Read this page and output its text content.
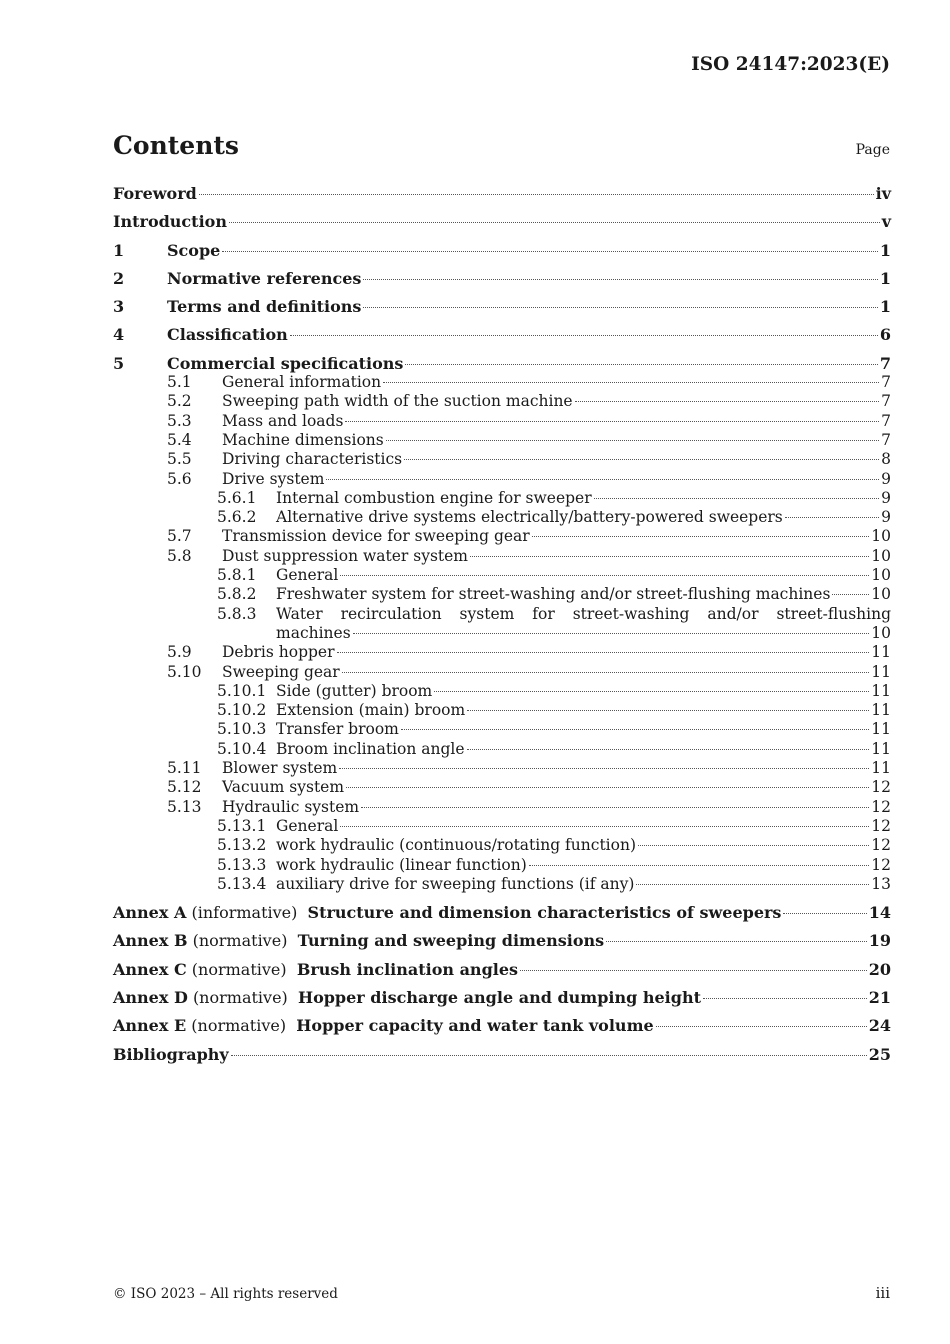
ISO 24147:2023(E)
Contents	Page
Foreword	iv
Introduction	v
1	Scope	1
2	Normative references	1
3	Terms and definitions	1
4	Classification	6
5	Commercial specifications	7
5.1	General information	7
5.2	Sweeping path width of the suction machine	7
5.3	Mass and loads	7
5.4	Machine dimensions	7
5.5	Driving characteristics	8
5.6	Drive system	9
5.6.1	Internal combustion engine for sweeper	9
5.6.2	Alternative drive systems electrically/battery-powered sweepers	9
5.7	Transmission device for sweeping gear	10
5.8	Dust suppression water system	10
5.8.1	General	10
5.8.2	Freshwater system for street-washing and/or street-flushing machines	10
5.8.3	Water recirculation system for street-washing and/or street-flushing
machines	10
5.9	Debris hopper	11
5.10	Sweeping gear	11
5.10.1 Side (gutter) broom	11
5.10.2 Extension (main) broom	11
5.10.3 Transfer broom	11
5.10.4 Broom inclination angle	11
5.11	Blower system	11
5.12	Vacuum system	12
5.13	Hydraulic system	12
5.13.1 General	12
5.13.2 work hydraulic (continuous/rotating function)	12
5.13.3 work hydraulic (linear function)	12
5.13.4 auxiliary drive for sweeping functions (if any)	13
Annex A (informative) Structure and dimension characteristics of sweepers	14
Annex B (normative) Turning and sweeping dimensions	19
Annex C (normative) Brush inclination angles	20
Annex D (normative) Hopper discharge angle and dumping height	21
Annex E (normative) Hopper capacity and water tank volume	24
Bibliography	25
© ISO 2023 – All rights reserved	iii
